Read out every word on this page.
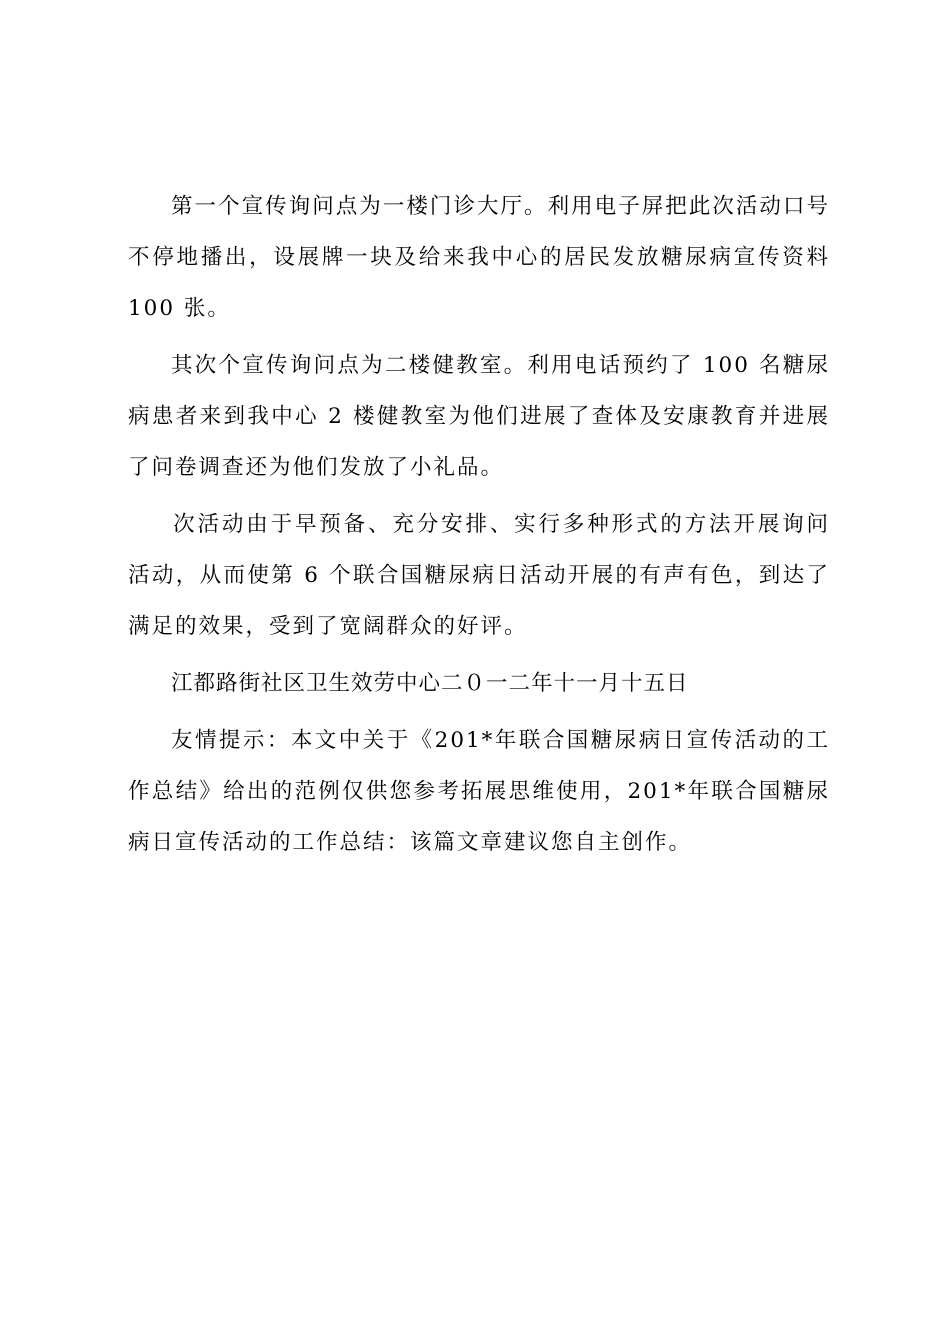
第一个宣传询问点为一楼门诊大厅。利用电子屏把此次活动口号不停地播出，设展牌一块及给来我中心的居民发放糖尿病宣传资料 100 张。

其次个宣传询问点为二楼健教室。利用电话预约了 100 名糖尿病患者来到我中心 2 楼健教室为他们进展了查体及安康教育并进展了问卷调查还为他们发放了小礼品。

次活动由于早预备、充分安排、实行多种形式的方法开展询问活动，从而使第 6 个联合国糖尿病日活动开展的有声有色，到达了满足的效果，受到了宽阔群众的好评。

江都路街社区卫生效劳中心二０一二年十一月十五日

友情提示：本文中关于《201*年联合国糖尿病日宣传活动的工作总结》给出的范例仅供您参考拓展思维使用，201*年联合国糖尿病日宣传活动的工作总结：该篇文章建议您自主创作。
